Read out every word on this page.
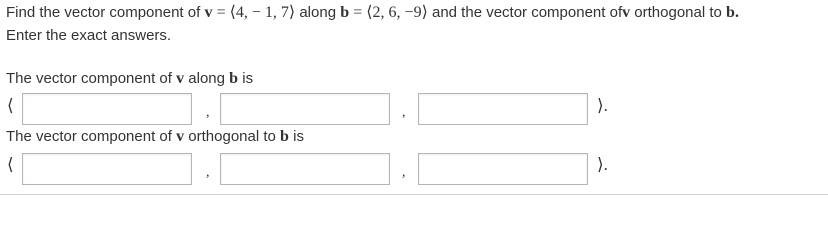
Find the vector component of v = ⟨4, − 1, 7⟩ along b = ⟨2, 6, −9⟩ and the vector component ofv orthogonal to b.
Enter the exact answers.
The vector component of v along b is
⟨	,	,	⟩.
The vector component of v orthogonal to b is
⟨	,	,	⟩.
